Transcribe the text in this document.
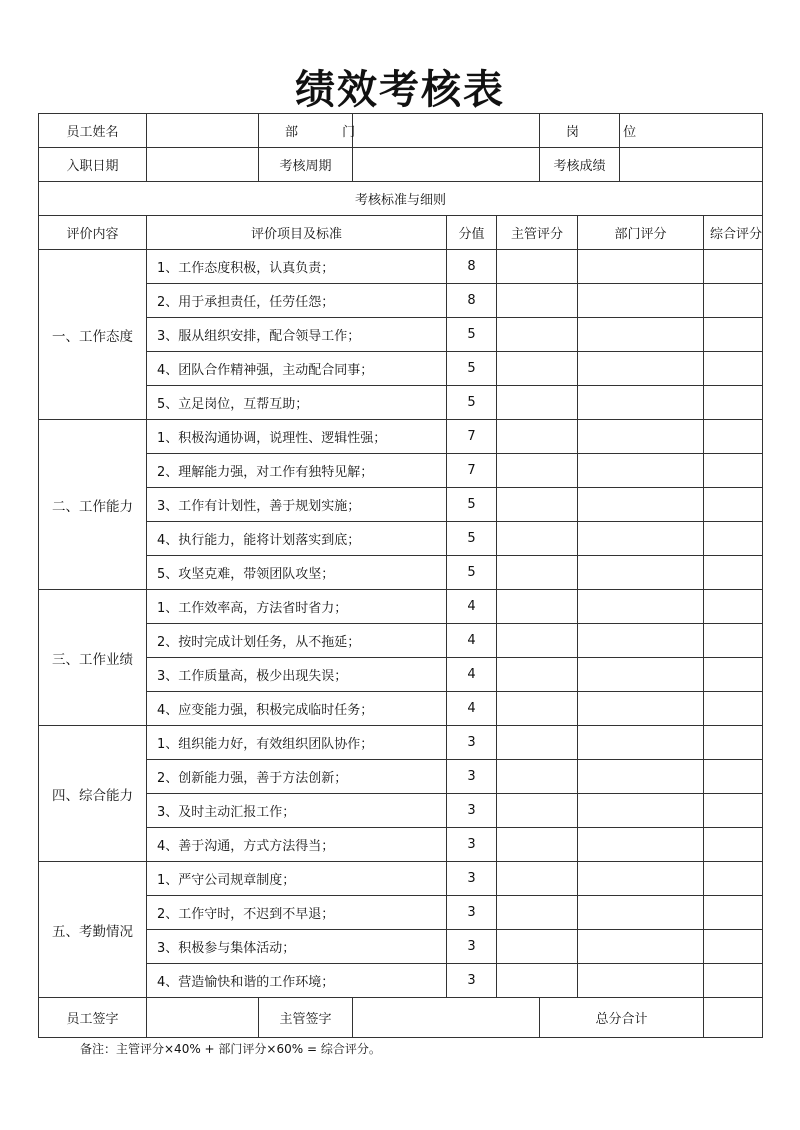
绩效考核表
员工姓名		部 门				岗 位			
入职日期		考核周期				考核成绩			
考核标准与细则									
评价内容	评价项目及标准			分值	主管评分		部门评分		综合评分
一、工作态度	1、工作态度积极，认真负责；			8					
	2、用于承担责任，任劳任怨；			8					
	3、服从组织安排，配合领导工作；			5					
	4、团队合作精神强，主动配合同事；			5					
	5、立足岗位，互帮互助；			5					
二、工作能力	1、积极沟通协调，说理性、逻辑性强；			7					
	2、理解能力强，对工作有独特见解；			7					
	3、工作有计划性，善于规划实施；			5					
	4、执行能力，能将计划落实到底；			5					
	5、攻坚克难，带领团队攻坚；			5					
三、工作业绩	1、工作效率高，方法省时省力；			4					
	2、按时完成计划任务，从不拖延；			4					
	3、工作质量高，极少出现失误；			4					
	4、应变能力强，积极完成临时任务；			4					
四、综合能力	1、组织能力好，有效组织团队协作；			3					
	2、创新能力强，善于方法创新；			3					
	3、及时主动汇报工作；			3					
	4、善于沟通，方式方法得当；			3					
五、考勤情况	1、严守公司规章制度；			3					
	2、工作守时，不迟到不早退；			3					
	3、积极参与集体活动；			3					
	4、营造愉快和谐的工作环境；			3					
员工签字		主管签字				总分合计			
备注：主管评分×40% + 部门评分×60% = 综合评分。
